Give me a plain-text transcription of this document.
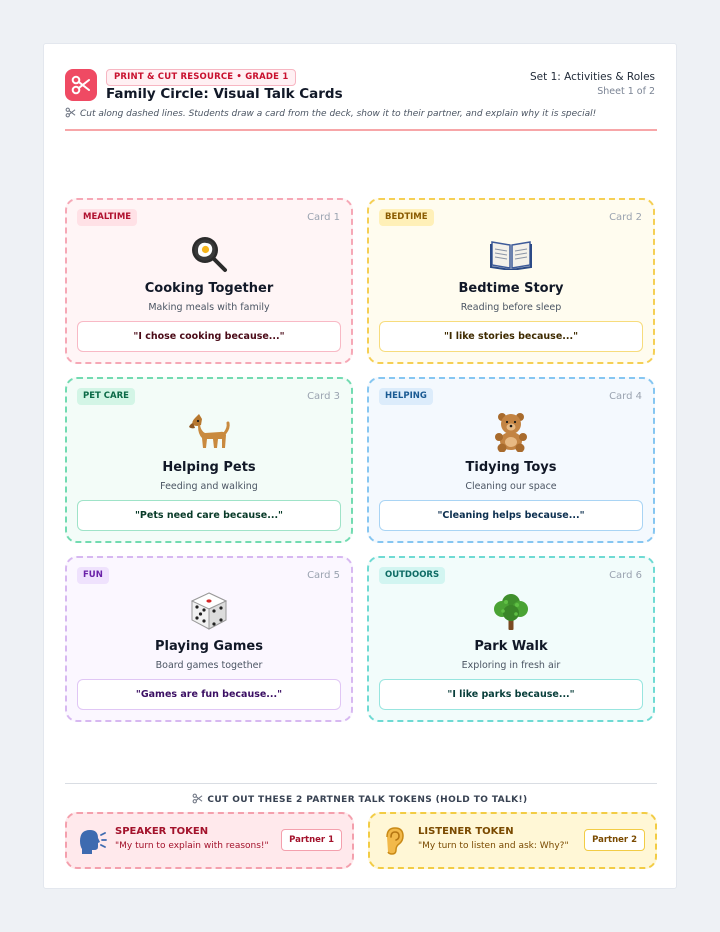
PRINT & CUT RESOURCE • GRADE 1
Family Circle: Visual Talk Cards
Set 1: Activities & Roles
Sheet 1 of 2
Cut along dashed lines. Students draw a card from the deck, show it to their partner, and explain why it is special!
MEALTIME	Card 1
Cooking Together
Making meals with family
"I chose cooking because..."
BEDTIME	Card 2
Bedtime Story
Reading before sleep
"I like stories because..."
PET CARE	Card 3
Helping Pets
Feeding and walking
"Pets need care because..."
HELPING	Card 4
Tidying Toys
Cleaning our space
"Cleaning helps because..."
FUN	Card 5
Playing Games
Board games together
"Games are fun because..."
OUTDOORS	Card 6
Park Walk
Exploring in fresh air
"I like parks because..."
CUT OUT THESE 2 PARTNER TALK TOKENS (HOLD TO TALK!)
SPEAKER TOKEN
"My turn to explain with reasons!"
Partner 1
LISTENER TOKEN
"My turn to listen and ask: Why?"
Partner 2
